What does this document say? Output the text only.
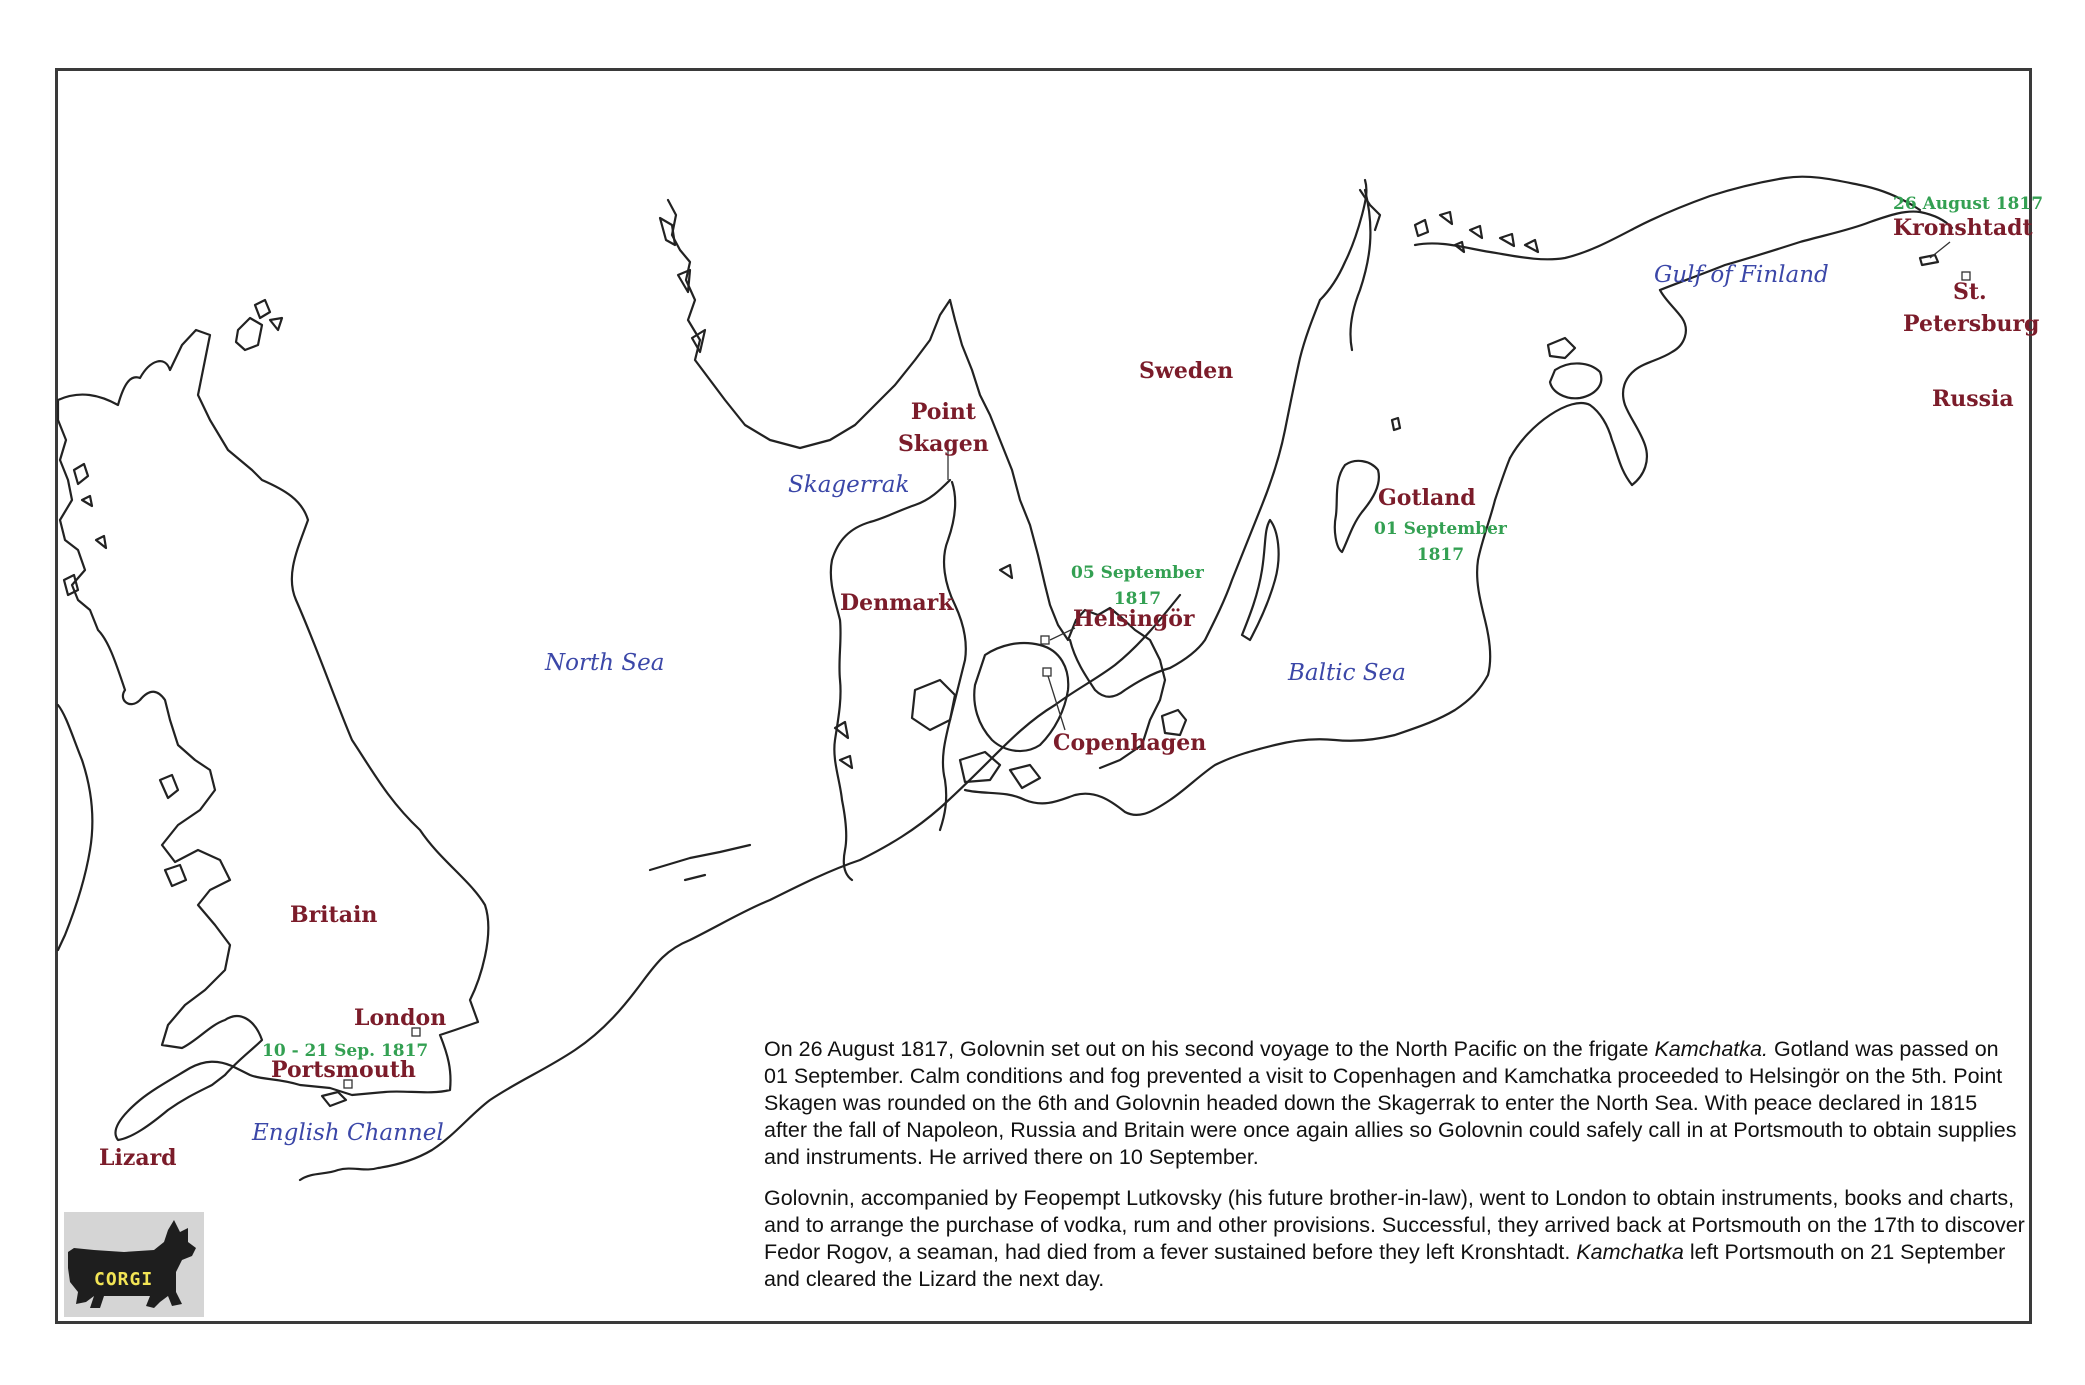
Britain
London
Portsmouth
Lizard
Denmark
Sweden
Russia
Point
Skagen
Helsingör
Copenhagen
Gotland
Kronshtadt
St.
Petersburg
North Sea
Skagerrak
English Channel
Baltic Sea
Gulf of Finland
26 August 1817
01 September
1817
05 September
1817
10 - 21 Sep. 1817	On 26 August 1817, Golovnin set out on his second voyage to the North Pacific on the frigate Kamchatka. Gotland was passed on 01 September. Calm conditions and fog prevented a visit to Copenhagen and Kamchatka proceeded to Helsingör on the 5th. Point Skagen was rounded on the 6th and Golovnin headed down the Skagerrak to enter the North Sea. With peace declared in 1815 after the fall of Napoleon, Russia and Britain were once again allies so Golovnin could safely call in at Portsmouth to obtain supplies and instruments. He arrived there on 10 September.

Golovnin, accompanied by Feopempt Lutkovsky (his future brother-in-law), went to London to obtain instruments, books and charts, and to arrange the purchase of vodka, rum and other provisions. Successful, they arrived back at Portsmouth on the 17th to discover Fedor Rogov, a seaman, had died from a fever sustained before they left Kronshtadt. Kamchatka left Portsmouth on 21 September and cleared the Lizard the next day.

CORGI
